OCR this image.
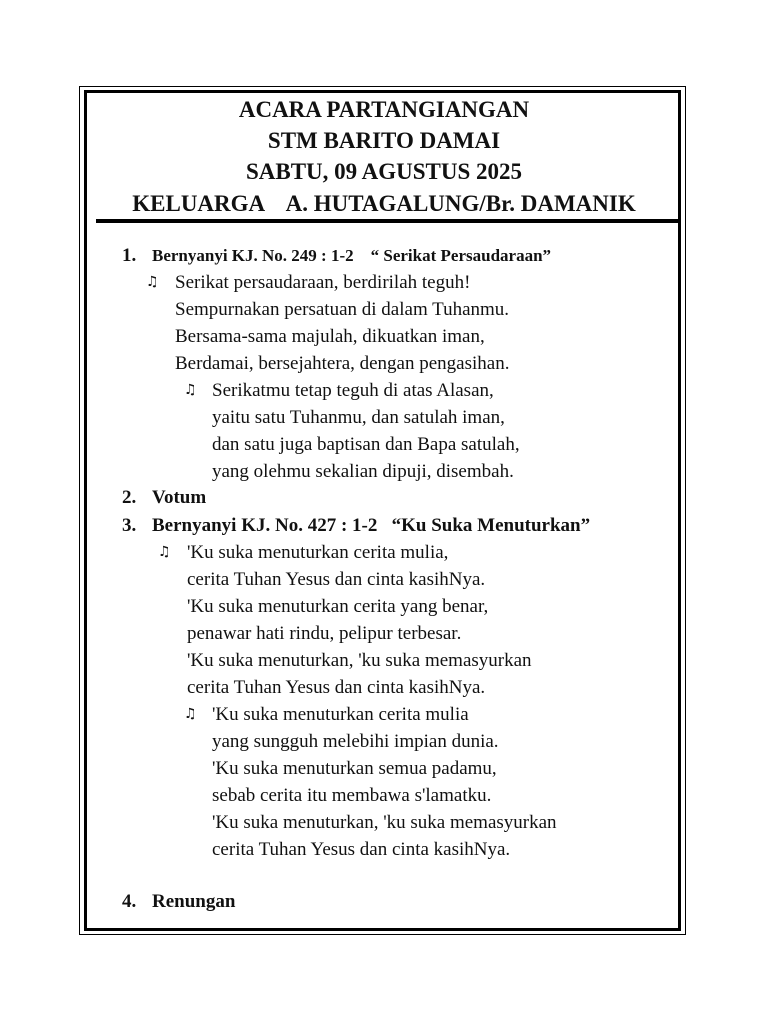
ACARA PARTANGIANGAN
STM BARITO DAMAI
SABTU, 09 AGUSTUS 2025
KELUARGA    A. HUTAGALUNG/Br. DAMANIK
1. Bernyanyi KJ. No. 249 : 1-2    “ Serikat Persaudaraan”
♫ Serikat persaudaraan, berdirilah teguh!
Sempurnakan persatuan di dalam Tuhanmu.
Bersama-sama majulah, dikuatkan iman,
Berdamai, bersejahtera, dengan pengasihan.
♫ Serikatmu tetap teguh di atas Alasan,
yaitu satu Tuhanmu, dan satulah iman,
dan satu juga baptisan dan Bapa satulah,
yang olehmu sekalian dipuji, disembah.
2. Votum
3. Bernyanyi KJ. No. 427 : 1-2   “Ku Suka Menuturkan”
♫ 'Ku suka menuturkan cerita mulia,
cerita Tuhan Yesus dan cinta kasihNya.
'Ku suka menuturkan cerita yang benar,
penawar hati rindu, pelipur terbesar.
'Ku suka menuturkan, 'ku suka memasyurkan
cerita Tuhan Yesus dan cinta kasihNya.
♫ 'Ku suka menuturkan cerita mulia
yang sungguh melebihi impian dunia.
'Ku suka menuturkan semua padamu,
sebab cerita itu membawa s'lamatku.
'Ku suka menuturkan, 'ku suka memasyurkan
cerita Tuhan Yesus dan cinta kasihNya.
4. Renungan
